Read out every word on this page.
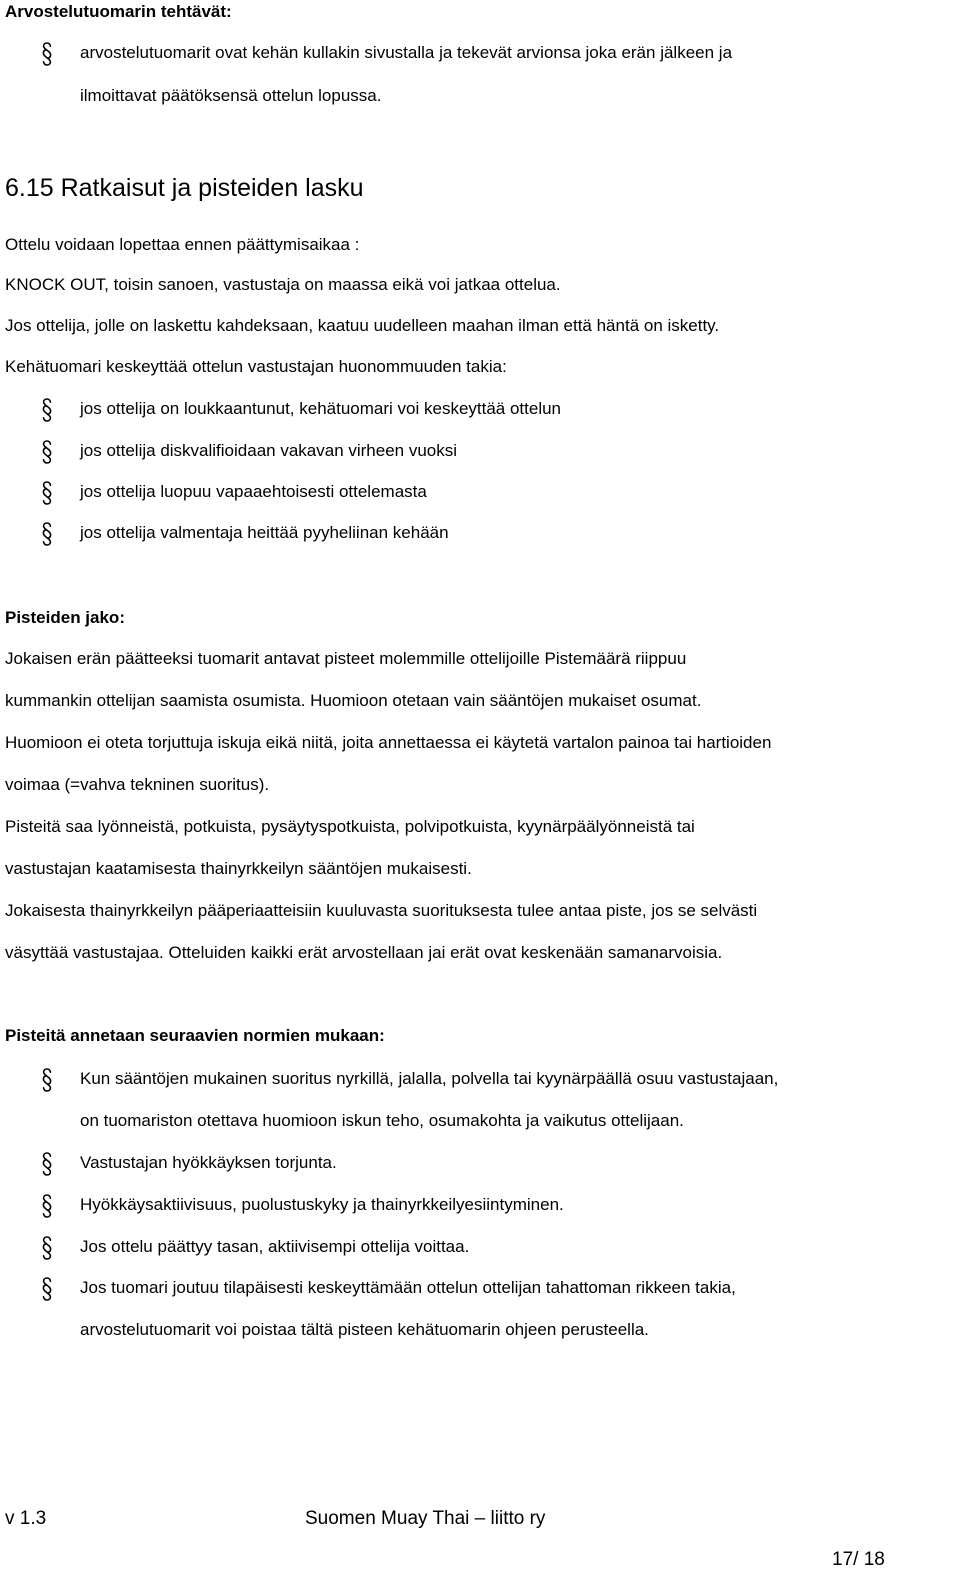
Arvostelutuomarin tehtävät:
arvostelutuomarit ovat kehän kullakin sivustalla ja tekevät arvionsa joka erän jälkeen ja
ilmoittavat päätöksensä ottelun lopussa.
6.15 Ratkaisut ja pisteiden lasku
Ottelu voidaan lopettaa ennen päättymisaikaa :
KNOCK OUT, toisin sanoen, vastustaja on maassa eikä voi jatkaa ottelua.
Jos ottelija, jolle on laskettu kahdeksaan, kaatuu uudelleen maahan ilman että häntä on isketty.
Kehätuomari keskeyttää ottelun vastustajan huonommuuden takia:
jos ottelija on loukkaantunut, kehätuomari voi keskeyttää ottelun
jos ottelija diskvalifioidaan vakavan virheen vuoksi
jos ottelija luopuu vapaaehtoisesti ottelemasta
jos ottelija valmentaja heittää pyyheliinan kehään
Pisteiden jako:
Jokaisen erän päätteeksi tuomarit antavat pisteet molemmille ottelijoille Pistemäärä riippuu
kummankin ottelijan saamista osumista. Huomioon otetaan vain sääntöjen mukaiset osumat.
Huomioon ei oteta torjuttuja iskuja eikä niitä, joita annettaessa ei käytetä vartalon painoa tai hartioiden
voimaa (=vahva tekninen suoritus).
Pisteitä saa lyönneistä, potkuista, pysäytyspotkuista, polvipotkuista, kyynärpäälyönneistä tai
vastustajan kaatamisesta thainyrkkeilyn sääntöjen mukaisesti.
Jokaisesta thainyrkkeilyn pääperiaatteisiin kuuluvasta suorituksesta tulee antaa piste, jos se selvästi
väsyttää vastustajaa. Otteluiden kaikki erät arvostellaan jai erät ovat keskenään samanarvoisia.
Pisteitä annetaan seuraavien normien mukaan:
Kun sääntöjen mukainen suoritus nyrkillä, jalalla, polvella tai kyynärpäällä osuu vastustajaan,
on tuomariston otettava huomioon iskun teho, osumakohta ja vaikutus ottelijaan.
Vastustajan hyökkäyksen torjunta.
Hyökkäysaktiivisuus, puolustuskyky ja thainyrkkeilyesiintyminen.
Jos ottelu päättyy tasan, aktiivisempi ottelija voittaa.
Jos tuomari joutuu tilapäisesti keskeyttämään ottelun ottelijan tahattoman rikkeen takia,
arvostelutuomarit voi poistaa tältä pisteen kehätuomarin ohjeen perusteella.
v 1.3	Suomen Muay Thai – liitto ry
17/ 18
